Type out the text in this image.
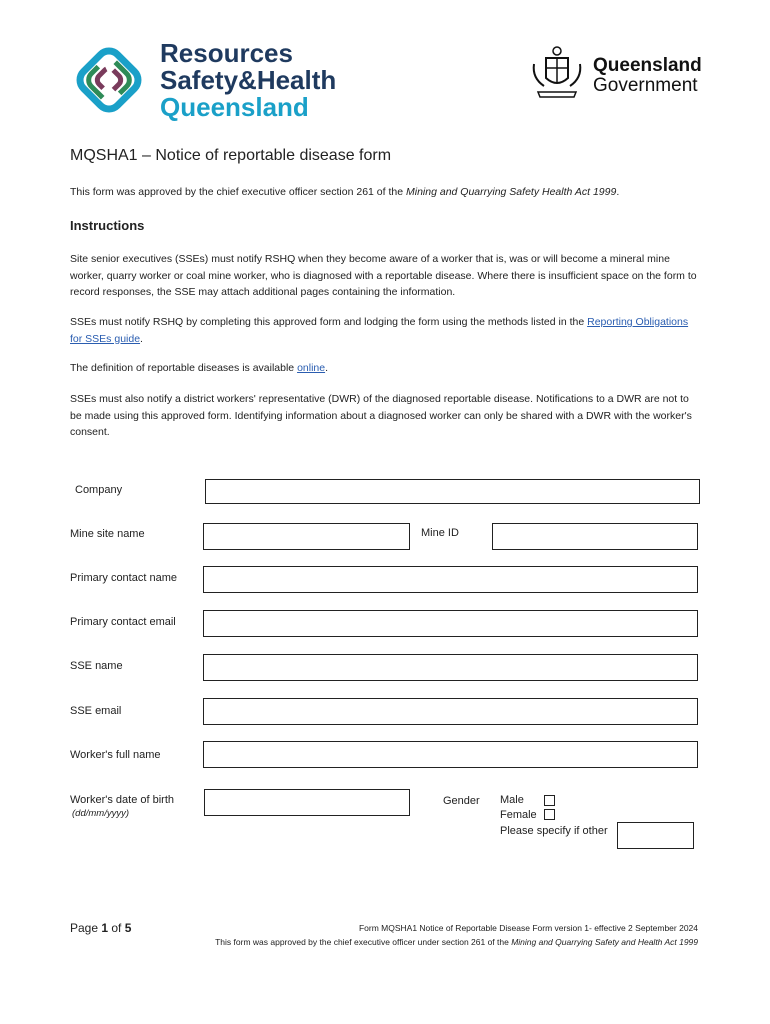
Resources
Safety&Health
Queensland
Queensland
Government
MQSHA1 – Notice of reportable disease form
This form was approved by the chief executive officer section 261 of the Mining and Quarrying Safety Health Act 1999.
Instructions
Site senior executives (SSEs) must notify RSHQ when they become aware of a worker that is, was or will become a mineral mine worker, quarry worker or coal mine worker, who is diagnosed with a reportable disease. Where there is insufficient space on the form to record responses, the SSE may attach additional pages containing the information.
SSEs must notify RSHQ by completing this approved form and lodging the form using the methods listed in the Reporting Obligations for SSEs guide.
The definition of reportable diseases is available online.
SSEs must also notify a district workers' representative (DWR) of the diagnosed reportable disease. Notifications to a DWR are not to be made using this approved form. Identifying information about a diagnosed worker can only be shared with a DWR with the worker's consent.
Company
Mine site name	Mine ID
Primary contact name
Primary contact email
SSE name
SSE email
Worker's full name
Worker's date of birth
(dd/mm/yyyy)
Gender Male
Female
Please specify if other
Page 1 of 5	Form MQSHA1 Notice of Reportable Disease Form version 1- effective 2 September 2024
This form was approved by the chief executive officer under section 261 of the Mining and Quarrying Safety and Health Act 1999
